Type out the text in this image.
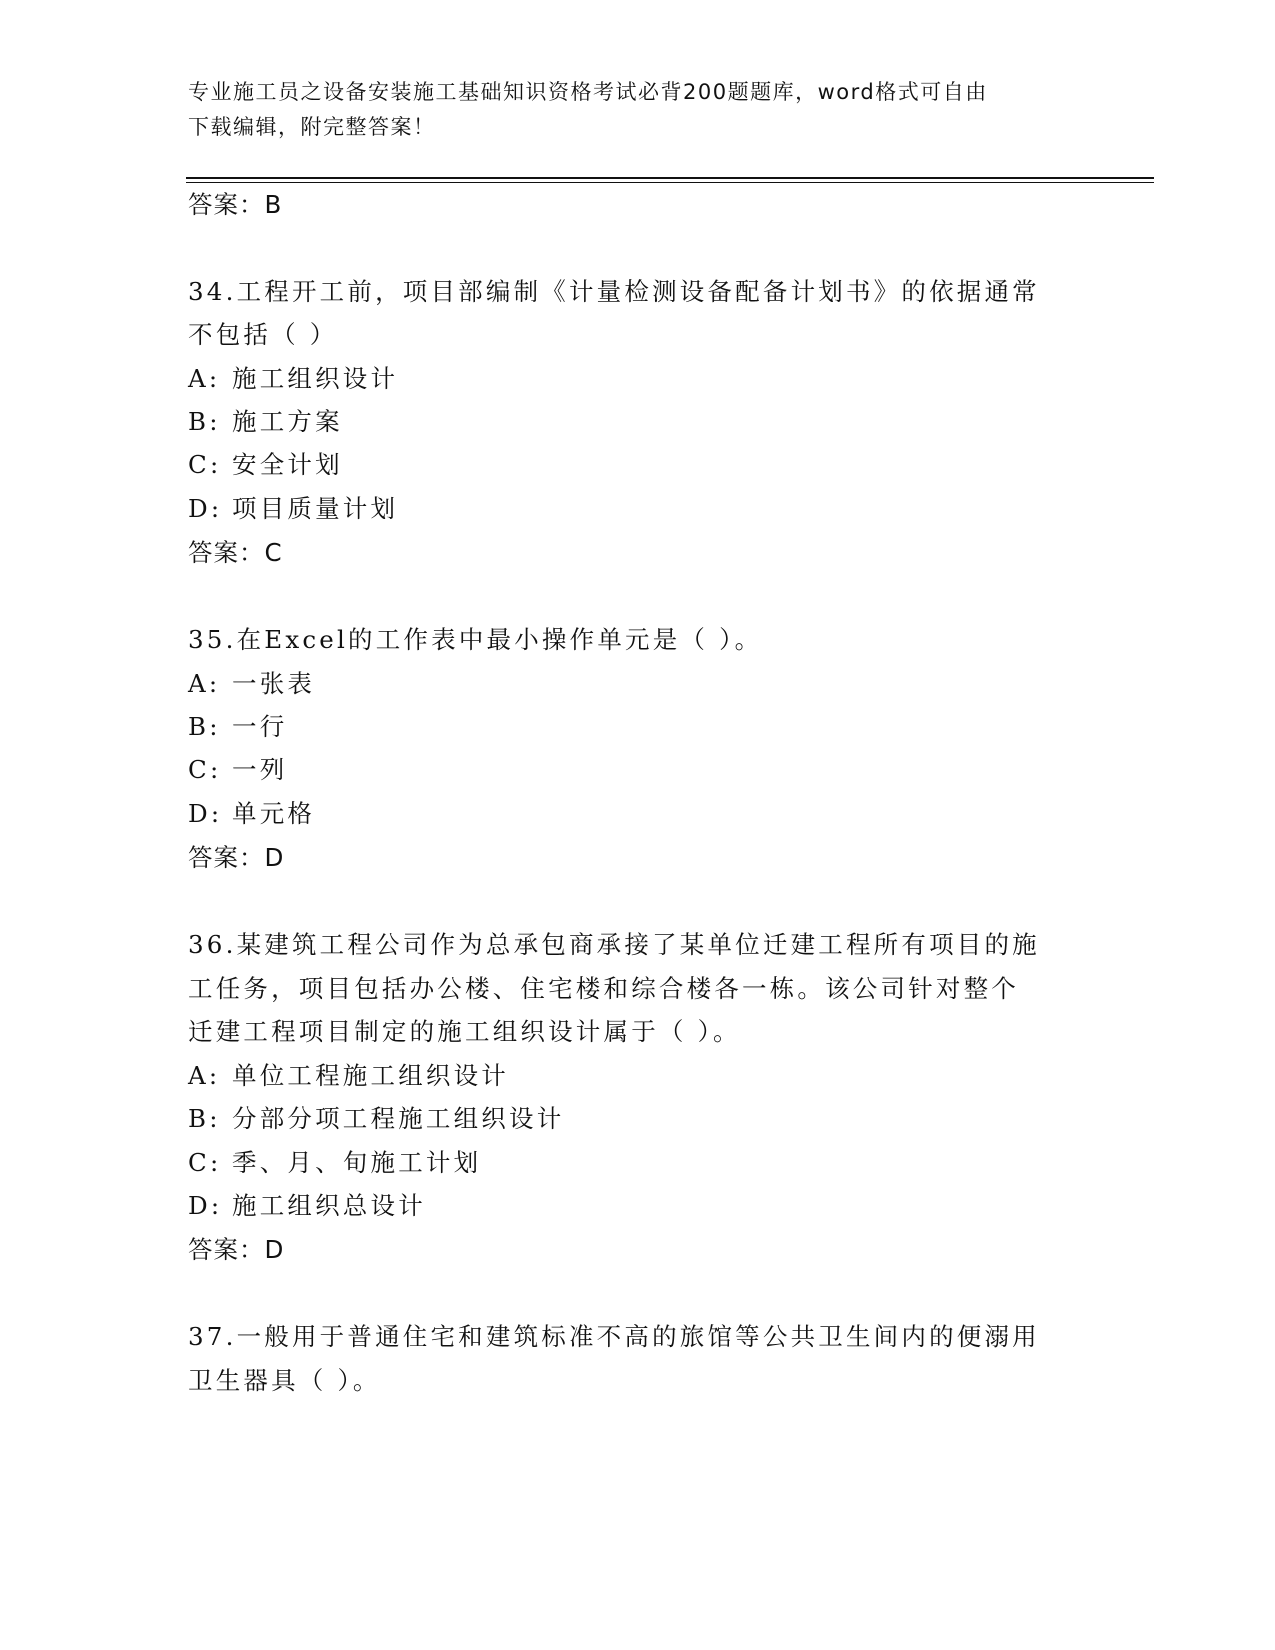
专业施工员之设备安装施工基础知识资格考试必背200题题库，word格式可自由
下载编辑，附完整答案！
答案：B
34.工程开工前，项目部编制《计量检测设备配备计划书》的依据通常
不包括（ ）
A: 施工组织设计
B: 施工方案
C: 安全计划
D: 项目质量计划
答案：C
35.在Excel的工作表中最小操作单元是（ ）。
A: 一张表
B: 一行
C: 一列
D: 单元格
答案：D
36.某建筑工程公司作为总承包商承接了某单位迁建工程所有项目的施
工任务，项目包括办公楼、住宅楼和综合楼各一栋。该公司针对整个
迁建工程项目制定的施工组织设计属于（ ）。
A: 单位工程施工组织设计
B: 分部分项工程施工组织设计
C: 季、月、旬施工计划
D: 施工组织总设计
答案：D
37.一般用于普通住宅和建筑标准不高的旅馆等公共卫生间内的便溺用
卫生器具（ ）。
